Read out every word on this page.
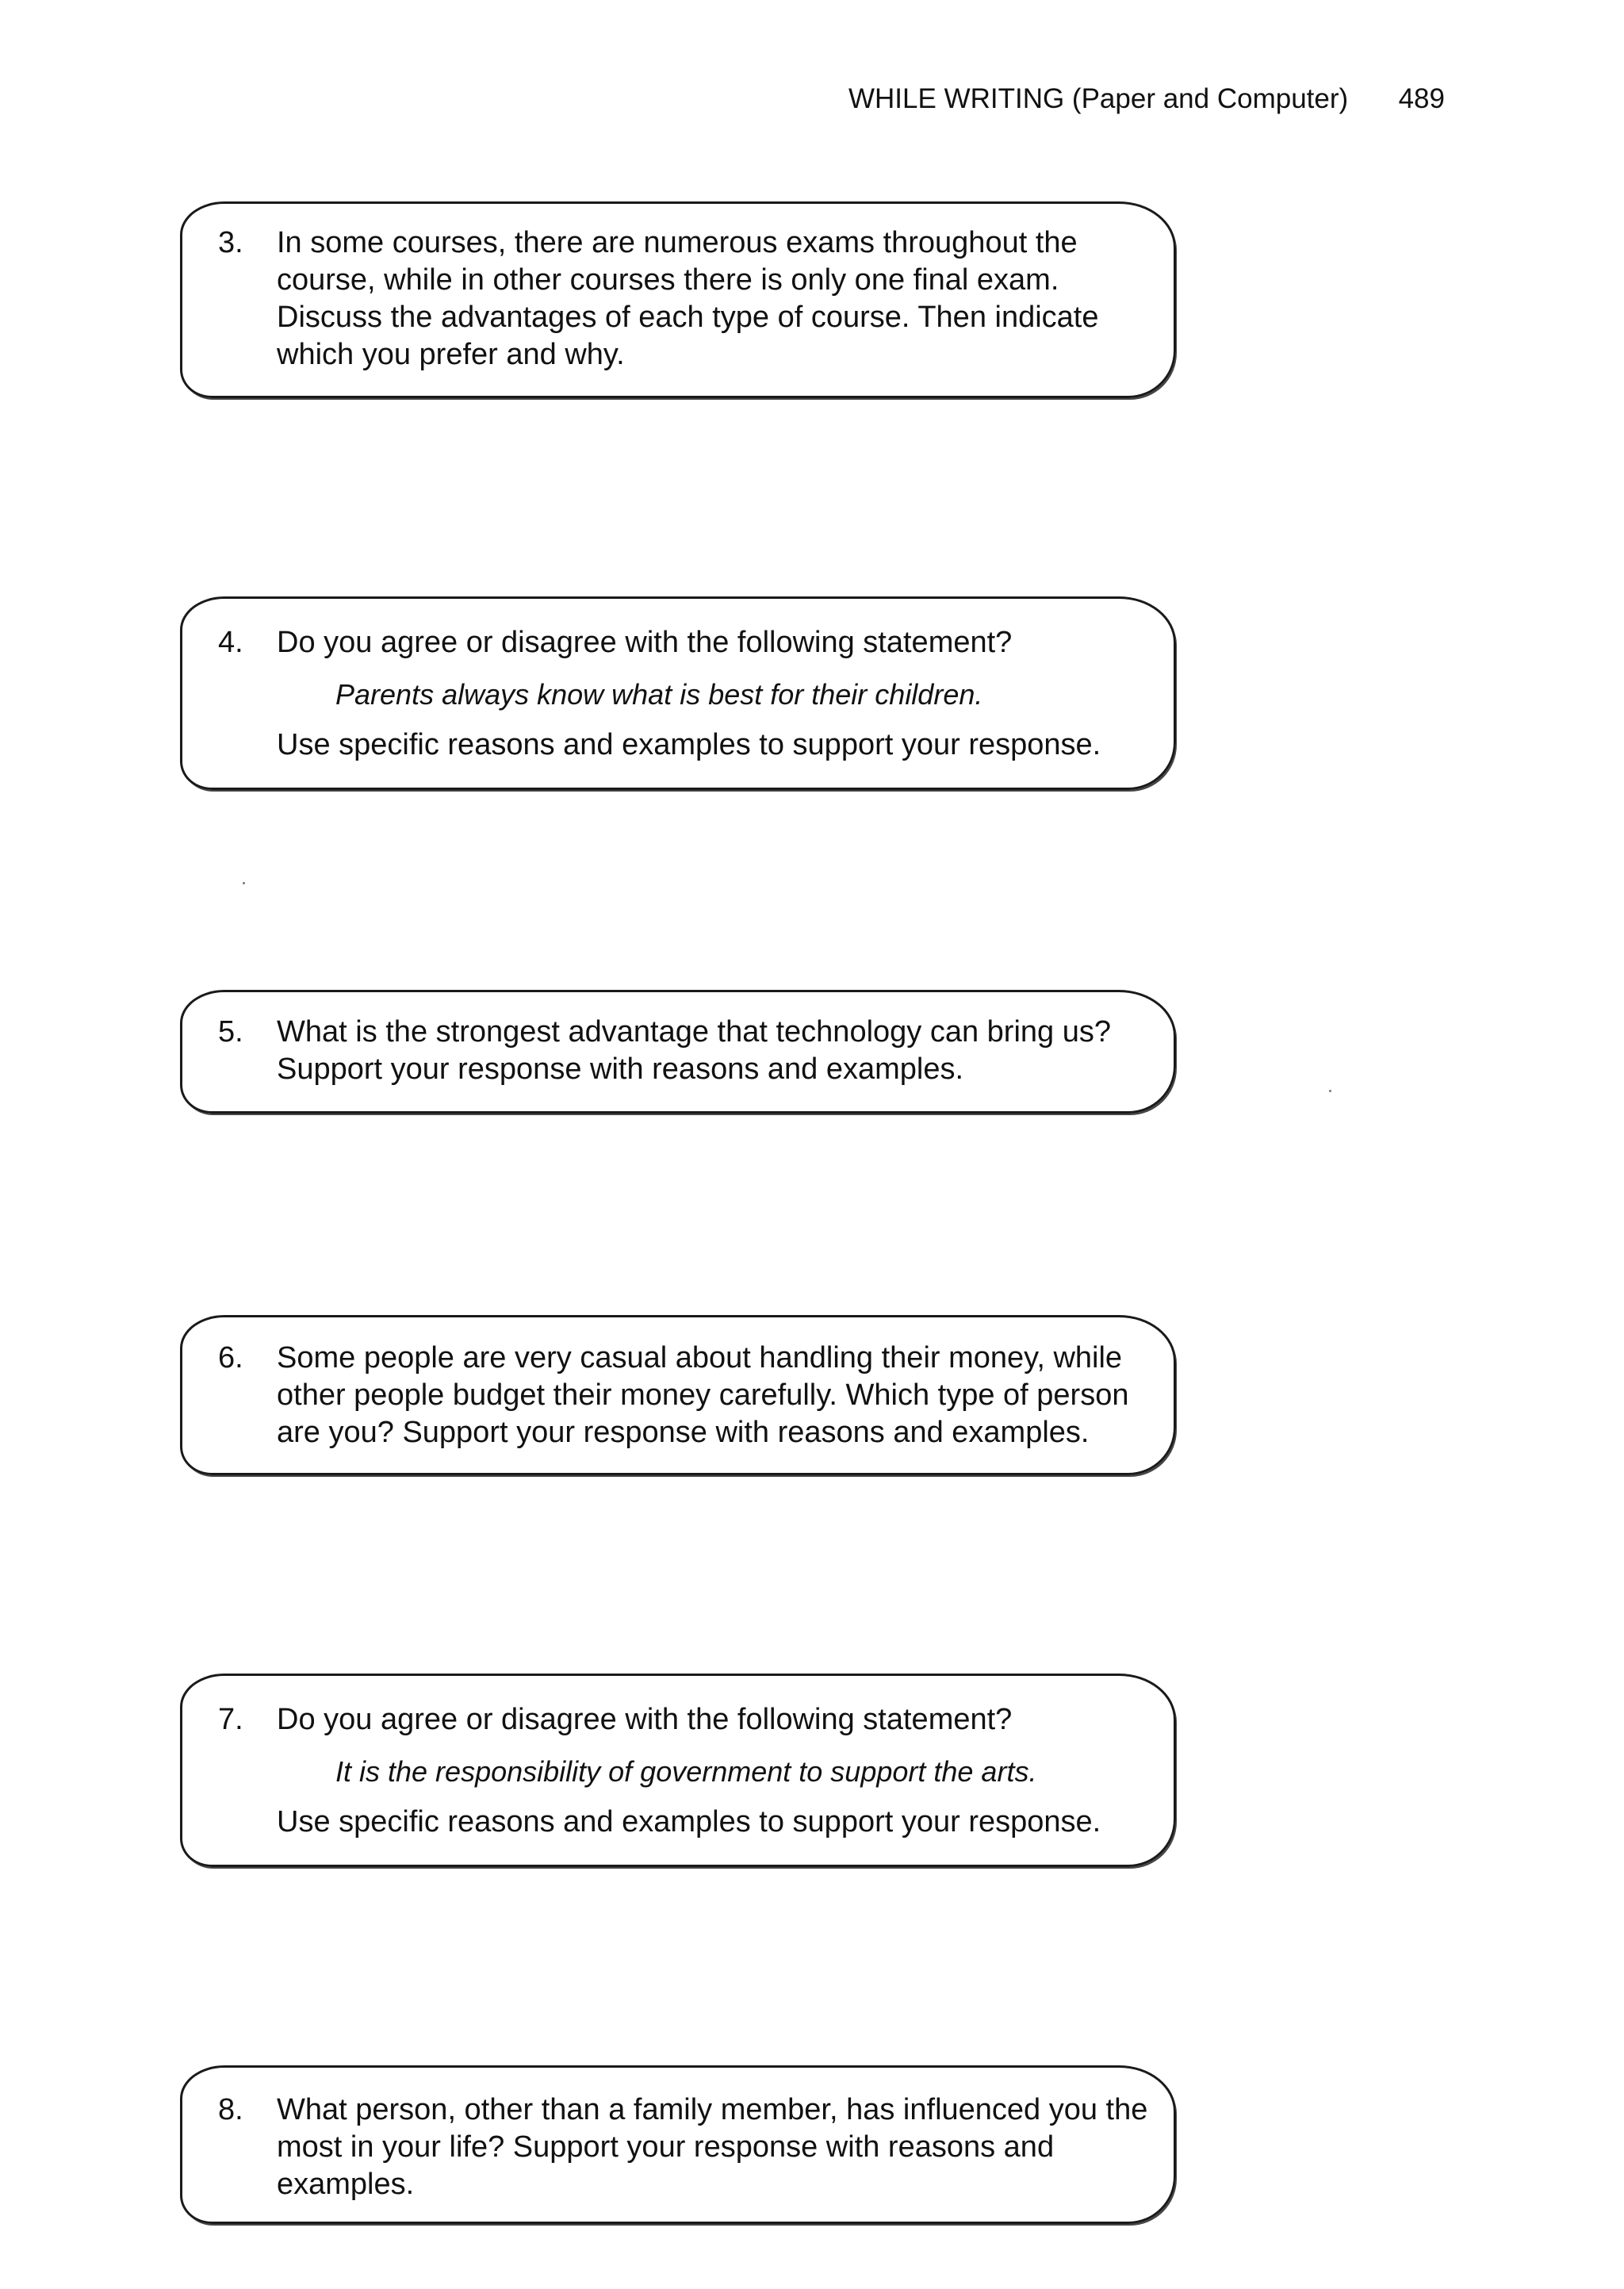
WHILE WRITING (Paper and Computer) 489
3. In some courses, there are numerous exams throughout the
course, while in other courses there is only one final exam.
Discuss the advantages of each type of course. Then indicate
which you prefer and why.
4. Do you agree or disagree with the following statement?
Parents always know what is best for their children.
Use specific reasons and examples to support your response.
5. What is the strongest advantage that technology can bring us?
Support your response with reasons and examples.
6. Some people are very casual about handling their money, while
other people budget their money carefully. Which type of person
are you? Support your response with reasons and examples.
7. Do you agree or disagree with the following statement?
It is the responsibility of government to support the arts.
Use specific reasons and examples to support your response.
8. What person, other than a family member, has influenced you the
most in your life? Support your response with reasons and
examples.
